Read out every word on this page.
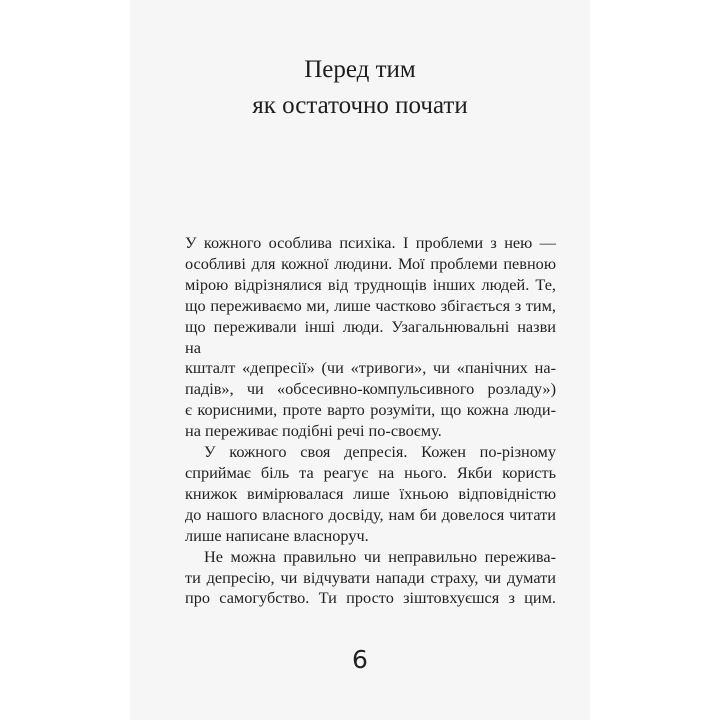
Перед тим
як остаточно почати
У кожного особлива психіка. І проблеми з нею —
особливі для кожної людини. Мої проблеми певною
мірою відрізнялися від труднощів інших людей. Те,
що переживаємо ми, лише частково збігається з тим,
що переживали інші люди. Узагальнювальні назви на
кшталт «депресії» (чи «тривоги», чи «панічних на-
падів», чи «обсесивно-компульсивного розладу»)
є корисними, проте варто розуміти, що кожна люди-
на переживає подібні речі по-своєму.
У кожного своя депресія. Кожен по-різному
сприймає біль та реагує на нього. Якби користь
книжок вимірювалася лише їхньою відповідністю
до нашого власного досвіду, нам би довелося читати
лише написане власноруч.
Не можна правильно чи неправильно пережива-
ти депресію, чи відчувати напади страху, чи думати
про самогубство. Ти просто зіштовхуєшся з цим.
6
